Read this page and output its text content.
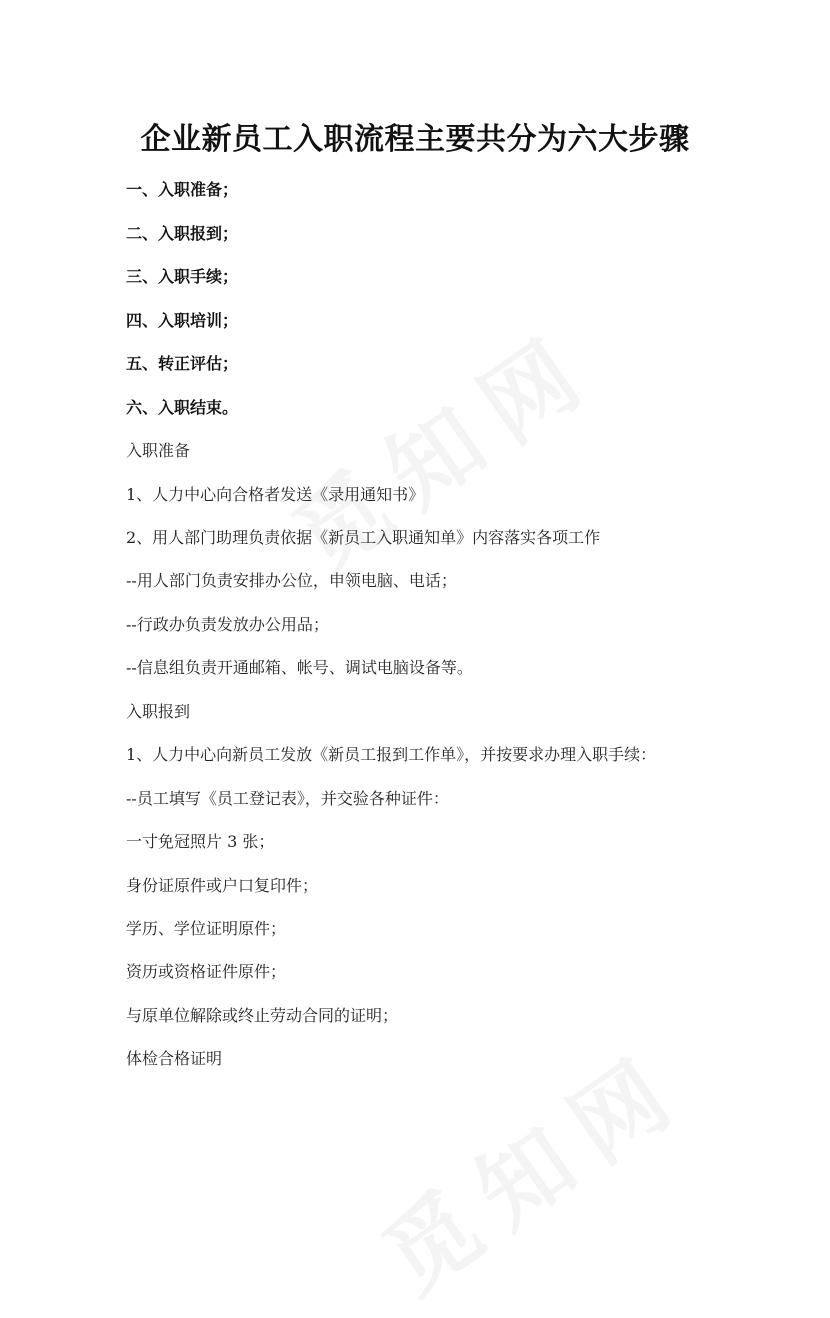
企业新员工入职流程主要共分为六大步骤
一、入职准备；
二、入职报到；
三、入职手续；
四、入职培训；
五、转正评估；
六、入职结束。
入职准备
1、人力中心向合格者发送《录用通知书》
2、用人部门助理负责依据《新员工入职通知单》内容落实各项工作
--用人部门负责安排办公位，申领电脑、电话；
--行政办负责发放办公用品；
--信息组负责开通邮箱、帐号、调试电脑设备等。
入职报到
1、人力中心向新员工发放《新员工报到工作单》，并按要求办理入职手续：
--员工填写《员工登记表》，并交验各种证件：
一寸免冠照片 3 张；
身份证原件或户口复印件；
学历、学位证明原件；
资历或资格证件原件；
与原单位解除或终止劳动合同的证明；
体检合格证明
